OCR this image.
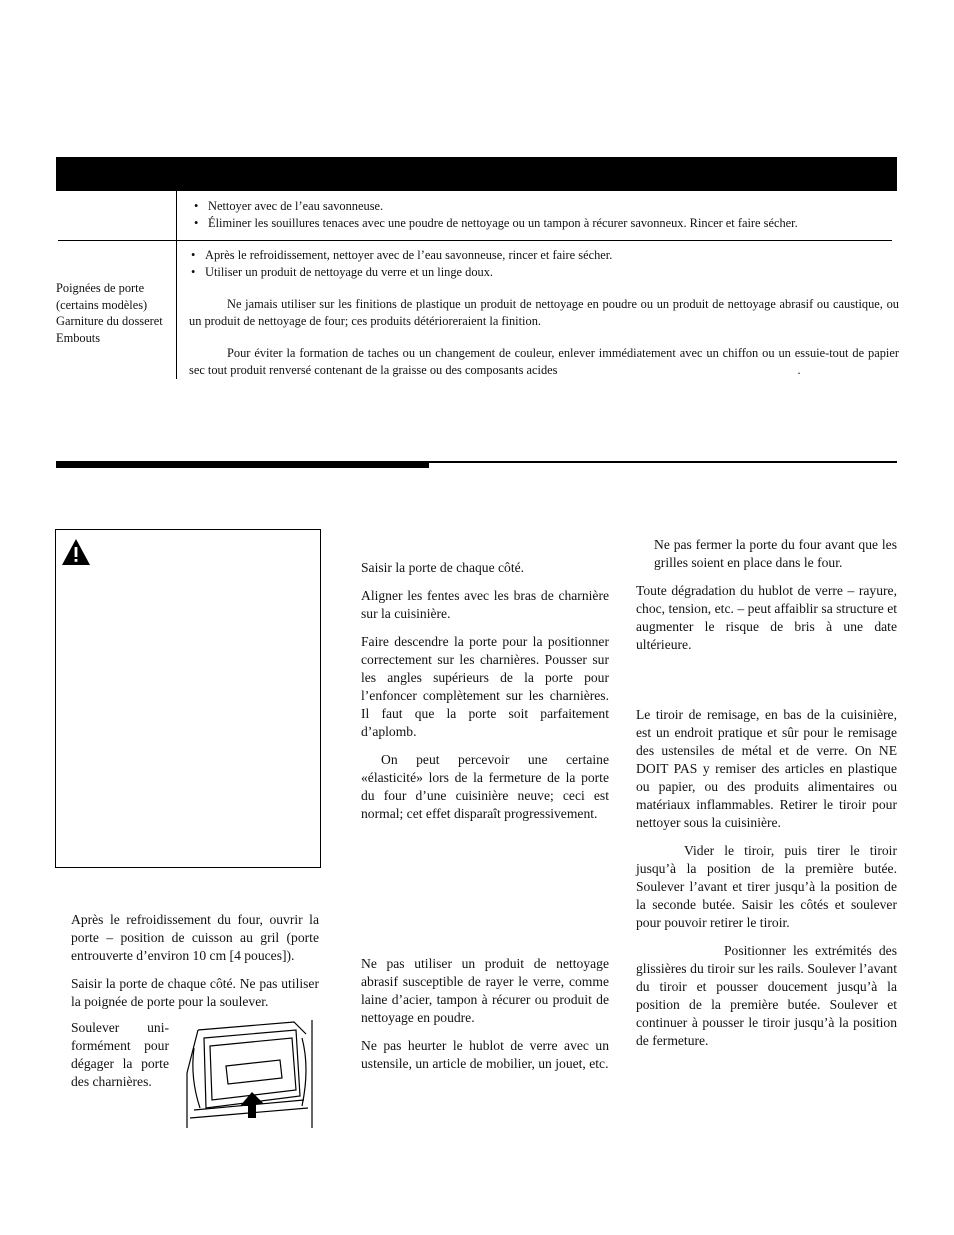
• Nettoyer avec de l’eau savonneuse.
• Éliminer les souillures tenaces avec une poudre de nettoyage ou un tampon à récurer savonneux. Rincer et faire sécher.
Poignées de porte
(certains modèles)
Garniture du dosseret
Embouts
• Après le refroidissement, nettoyer avec de l’eau savonneuse, rincer et faire sécher.
• Utiliser un produit de nettoyage du verre et un linge doux.
Ne jamais utiliser sur les finitions de plastique un produit de nettoyage en poudre ou un produit de nettoyage abrasif ou caustique, ou un produit de nettoyage de four; ces produits détérioreraient la finition.
Pour éviter la formation de taches ou un changement de couleur, enlever immédiatement avec un chiffon ou un essuie-tout de papier sec tout produit renversé contenant de la graisse ou des composants acides	.

Après le refroidissement du four, ouvrir la porte – position de cuisson au gril (porte entrouverte d’environ 10 cm [4 pouces]).

Saisir la porte de chaque côté. Ne pas utiliser la poignée de porte pour la soulever.

Soulever uni-formément pour dégager la porte des charnières.

Saisir la porte de chaque côté.

Aligner les fentes avec les bras de charnière sur la cuisinière.

Faire descendre la porte pour la positionner correctement sur les charnières. Pousser sur les angles supérieurs de la porte pour l’enfoncer complètement sur les charnières. Il faut que la porte soit parfaitement d’aplomb.

On peut percevoir une certaine «élasticité» lors de la fermeture de la porte du four d’une cuisinière neuve; ceci est normal; cet effet disparaît progressivement.

Ne pas utiliser un produit de nettoyage abrasif susceptible de rayer le verre, comme laine d’acier, tampon à récurer ou produit de nettoyage en poudre.

Ne pas heurter le hublot de verre avec un ustensile, un article de mobilier, un jouet, etc.

Ne pas fermer la porte du four avant que les grilles soient en place dans le four.

Toute dégradation du hublot de verre – rayure, choc, tension, etc. – peut affaiblir sa structure et augmenter le risque de bris à une date ultérieure.

Le tiroir de remisage, en bas de la cuisinière, est un endroit pratique et sûr pour le remisage des ustensiles de métal et de verre. On NE DOIT PAS y remiser des articles en plastique ou papier, ou des produits alimentaires ou matériaux inflammables. Retirer le tiroir pour nettoyer sous la cuisinière.

Vider le tiroir, puis tirer le tiroir jusqu’à la position de la première butée. Soulever l’avant et tirer jusqu’à la position de la seconde butée. Saisir les côtés et soulever pour pouvoir retirer le tiroir.

Positionner les extrémités des glissières du tiroir sur les rails. Soulever l’avant du tiroir et pousser doucement jusqu’à la position de la première butée. Soulever et continuer à pousser le tiroir jusqu’à la position de fermeture.
